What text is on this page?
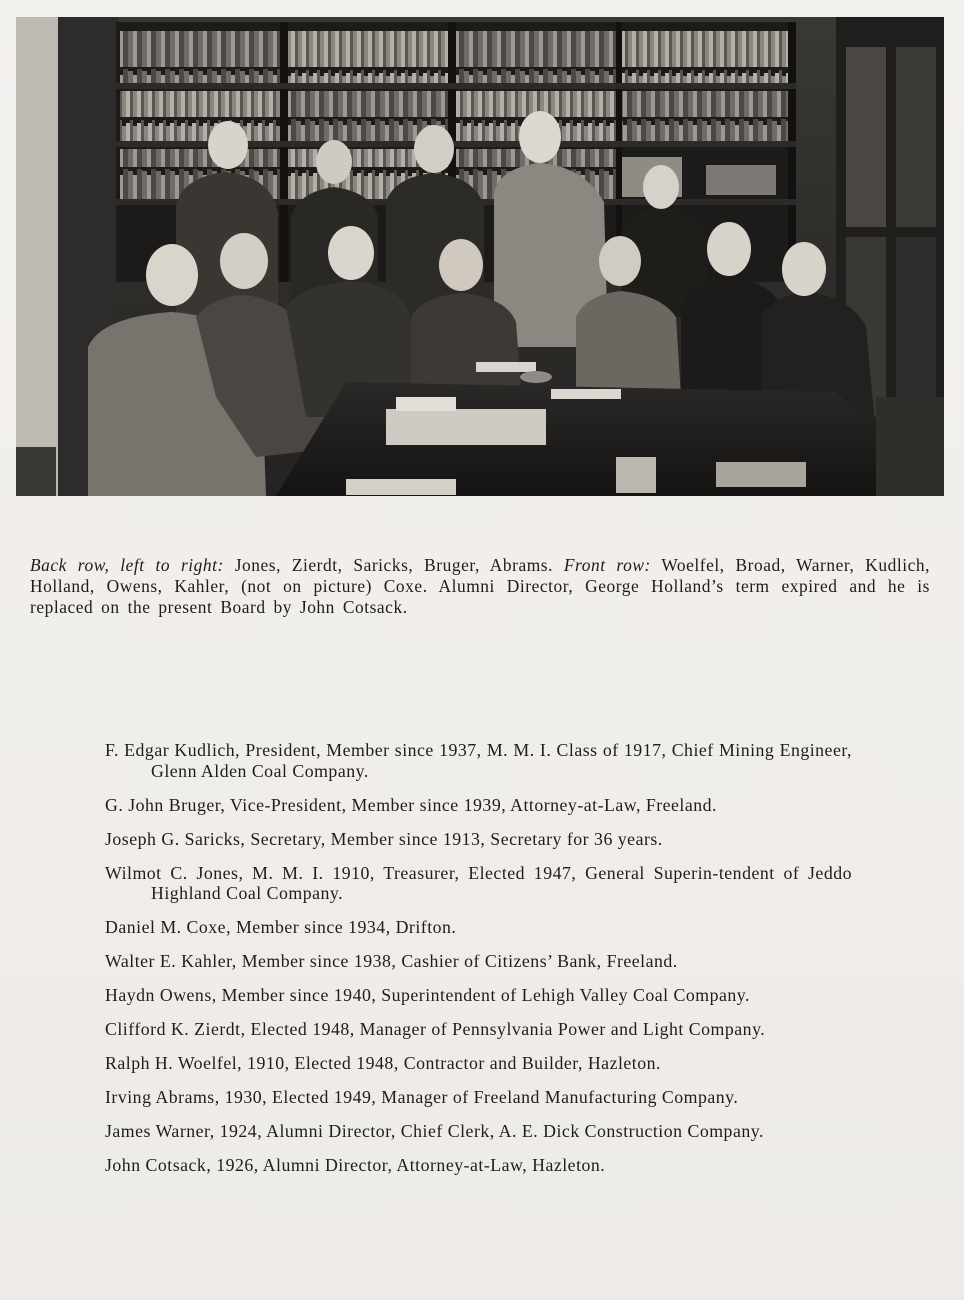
Back row, left to right: Jones, Zierdt, Saricks, Bruger, Abrams. Front row: Woelfel, Broad, Warner, Kudlich, Holland, Owens, Kahler, (not on picture) Coxe. Alumni Director, George Holland’s term expired and he is replaced on the present Board by John Cotsack.

F. Edgar Kudlich, President, Member since 1937, M. M. I. Class of 1917, Chief Mining Engineer, Glenn Alden Coal Company.

G. John Bruger, Vice-President, Member since 1939, Attorney-at-Law, Freeland.

Joseph G. Saricks, Secretary, Member since 1913, Secretary for 36 years.

Wilmot C. Jones, M. M. I. 1910, Treasurer, Elected 1947, General Superin-tendent of Jeddo Highland Coal Company.

Daniel M. Coxe, Member since 1934, Drifton.

Walter E. Kahler, Member since 1938, Cashier of Citizens’ Bank, Freeland.

Haydn Owens, Member since 1940, Superintendent of Lehigh Valley Coal Company.

Clifford K. Zierdt, Elected 1948, Manager of Pennsylvania Power and Light Company.

Ralph H. Woelfel, 1910, Elected 1948, Contractor and Builder, Hazleton.

Irving Abrams, 1930, Elected 1949, Manager of Freeland Manufacturing Company.

James Warner, 1924, Alumni Director, Chief Clerk, A. E. Dick Construction Company.

John Cotsack, 1926, Alumni Director, Attorney-at-Law, Hazleton.
